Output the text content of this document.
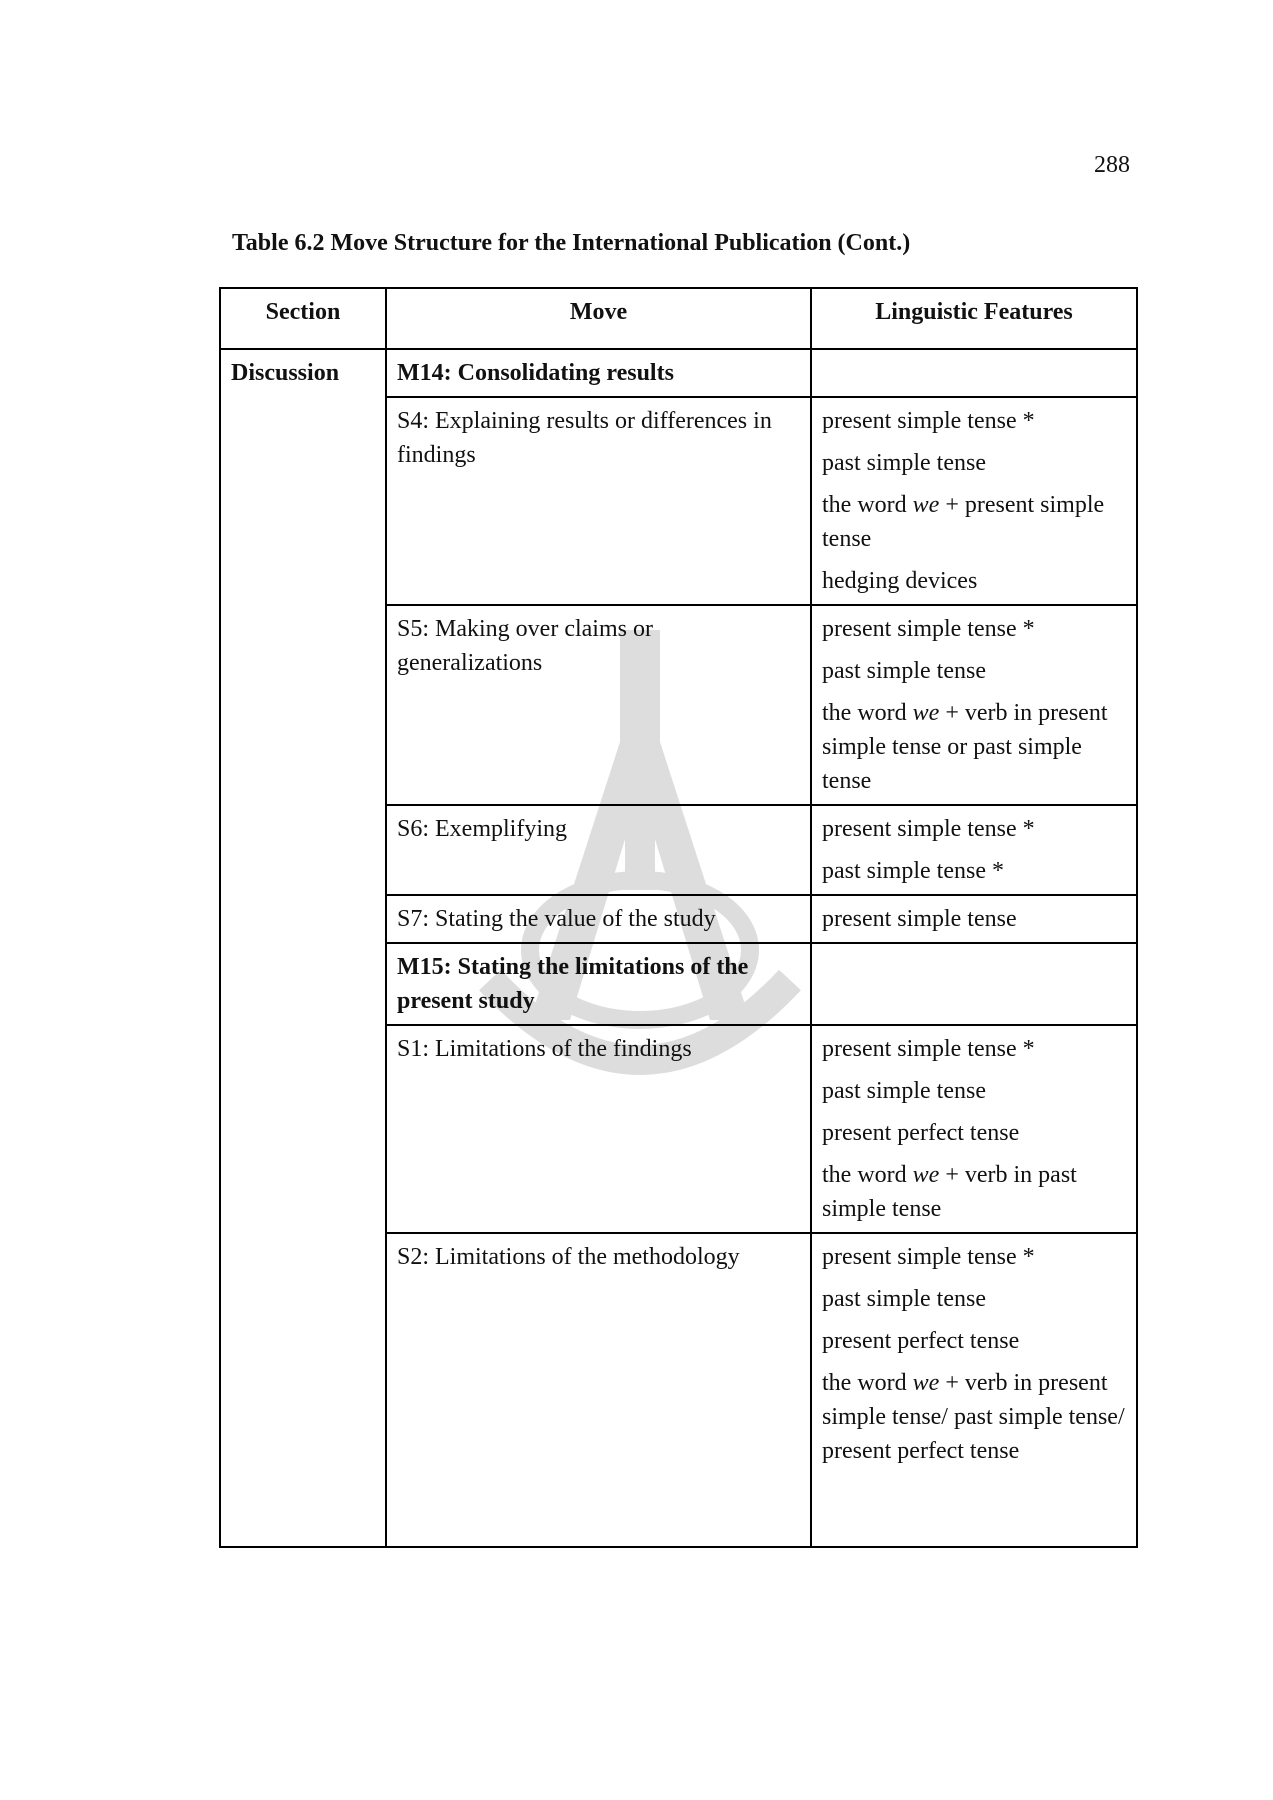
288
Table 6.2 Move Structure for the International Publication (Cont.)
Section	Move	Linguistic Features
Discussion	M14: Consolidating results	
	S4: Explaining results or differences in findings	present simple tense *
past simple tense
the word we + present simple tense
hedging devices

	S5: Making over claims or generalizations	present simple tense *
past simple tense
the word we + verb in present simple tense or past simple tense

	S6: Exemplifying	present simple tense *
past simple tense *

	S7: Stating the value of the study	present simple tense

	M15: Stating the limitations of the present study	
	S1: Limitations of the findings	present simple tense *
past simple tense
present perfect tense
the word we + verb in past simple tense

	S2: Limitations of the methodology	present simple tense *
past simple tense
present perfect tense
the word we + verb in present simple tense/ past simple tense/ present perfect tense
